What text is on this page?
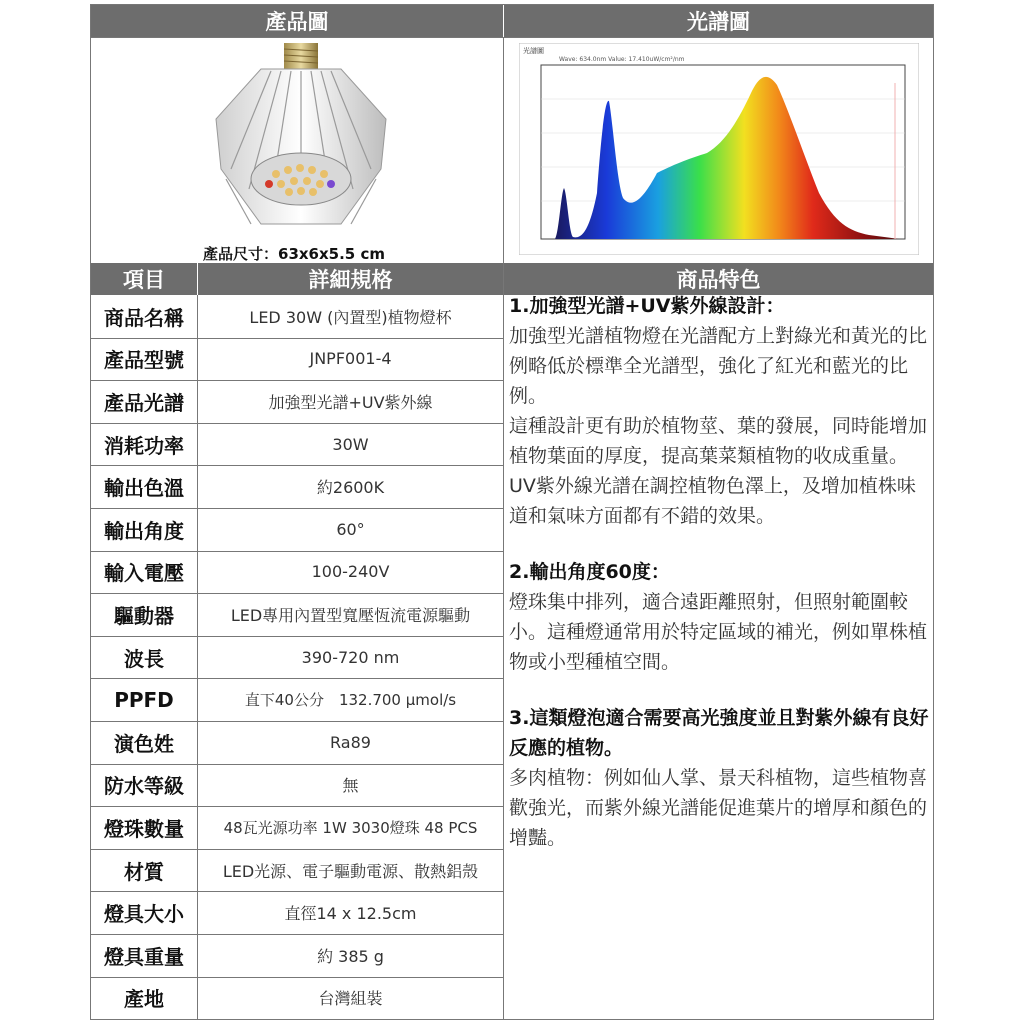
產品圖	光譜圖
產品尺寸：63x6x5.5 cm
光譜圖
Wave: 634.0nm Value: 17.410uW/cm²/nm
項目	詳細規格	商品特色

1.加強型光譜+UV紫外線設計：

加強型光譜植物燈在光譜配方上對綠光和黃光的比例略低於標準全光譜型，強化了紅光和藍光的比例。

這種設計更有助於植物莖、葉的發展，同時能增加植物葉面的厚度，提高葉菜類植物的收成重量。

UV紫外線光譜在調控植物色澤上，及增加植株味道和氣味方面都有不錯的效果。

2.輸出角度60度：

燈珠集中排列，適合遠距離照射，但照射範圍較小。這種燈通常用於特定區域的補光，例如單株植物或小型種植空間。

3.這類燈泡適合需要高光強度並且對紫外線有良好反應的植物。

多肉植物：例如仙人掌、景天科植物，這些植物喜歡強光，而紫外線光譜能促進葉片的增厚和顏色的增豔。

商品名稱	LED 30W (內置型)植物燈杯
產品型號	JNPF001-4
產品光譜	加強型光譜+UV紫外線
消耗功率	30W
輸出色溫	約2600K
輸出角度	60°
輸入電壓	100-240V
驅動器	LED專用內置型寬壓恆流電源驅動
波長	390-720 nm
PPFD	直下40公分　132.700 μmol/s
演色姓	Ra89
防水等級	無
燈珠數量	48瓦光源功率 1W 3030燈珠 48 PCS
材質	LED光源、電子驅動電源、散熱鋁殼
燈具大小	直徑14 x 12.5cm
燈具重量	約 385 g
產地	台灣組裝
